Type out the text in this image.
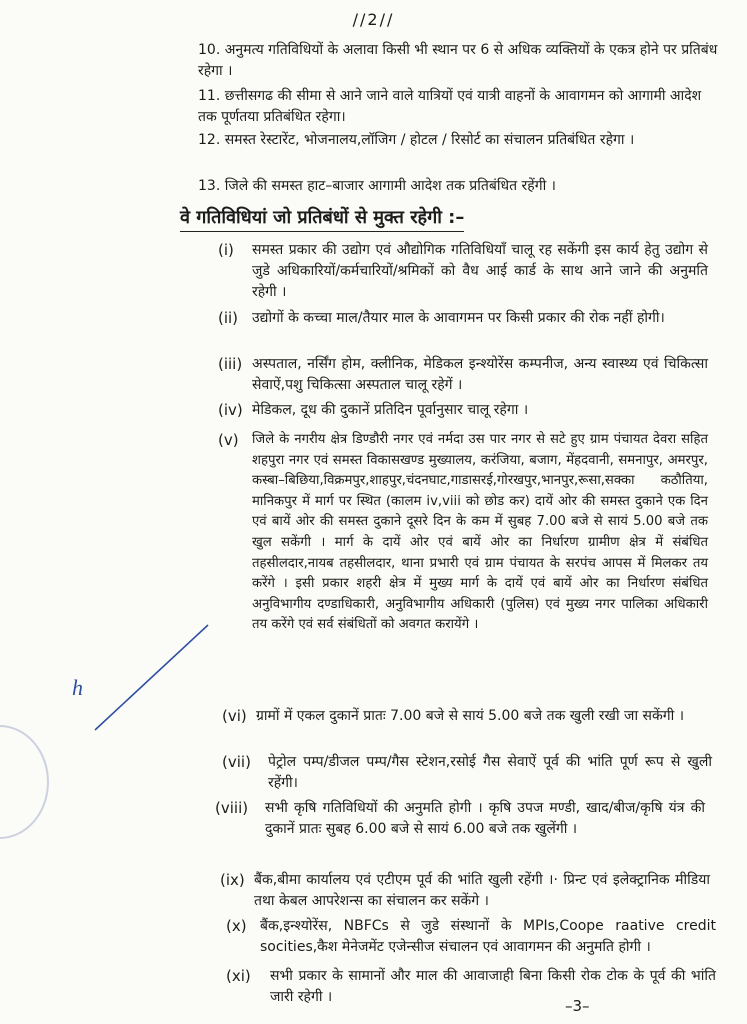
//2//
10. अनुमत्य गतिविधियों के अलावा किसी भी स्थान पर 6 से अधिक व्यक्तियों के एकत्र होने पर प्रतिबंध रहेगा ।
11. छत्तीसगढ की सीमा से आने जाने वाले यात्रियों एवं यात्री वाहनों के आवागमन को आगामी आदेश तक पूर्णतया प्रतिबंधित रहेगा।
12. समस्त रेस्टारेंट, भोजनालय,लॉजिग / होटल / रिसोर्ट का संचालन प्रतिबंधित रहेगा ।
13. जिले की समस्त हाट–बाजार आगामी आदेश तक प्रतिबंधित रहेंगी ।
वे गतिविधियां जो प्रतिबंधों से मुक्त रहेगी :–
(i)	समस्त प्रकार की उद्योग एवं औद्योगिक गतिविधियॉं चालू रह सकेंगी इस कार्य हेतु उद्योग से जुडे अधिकारियों/कर्मचारियों/श्रमिकों को वैध आई कार्ड के साथ आने जाने की अनुमति रहेगी ।
(ii) उद्योगों के कच्चा माल/तैयार माल के आवागमन पर किसी प्रकार की रोक नहीं होगी।
(iii) अस्पताल, नर्सिंग होम, क्लीनिक, मेडिकल इन्श्योरेंस कम्पनीज, अन्य स्वास्थ्य एवं चिकित्सा सेवाऐं,पशु चिकित्सा अस्पताल चालू रहेगें ।
(iv) मेडिकल, दूध की दुकानें प्रतिदिन पूर्वानुसार चालू रहेगा ।
(v)	जिले के नगरीय क्षेत्र डिण्डौरी नगर एवं नर्मदा उस पार नगर से सटे हुए ग्राम पंचायत देवरा सहित शहपुरा नगर एवं समस्त विकासखण्ड मुख्यालय, करंजिया, बजाग, मेंहदवानी, समनापुर, अमरपुर, कस्बा–बिछिया,विक्रमपुर,शाहपुर,चंदनघाट,गाडासरई,गोरखपुर,भानपुर,रूसा,सक्का कठौतिया, मानिकपुर में मार्ग पर स्थित (कालम iv,viii को छोड कर) दायें ओर की समस्त दुकाने एक दिन एवं बायें ओर की समस्त दुकाने दूसरे दिन के कम में सुबह 7.00 बजे से सायं 5.00 बजे तक खुल सकेंगी । मार्ग के दायें ओर एवं बायें ओर का निर्धारण ग्रामीण क्षेत्र में संबंधित तहसीलदार,नायब तहसीलदार, थाना प्रभारी एवं ग्राम पंचायत के सरपंच आपस में मिलकर तय करेंगे । इसी प्रकार शहरी क्षेत्र में मुख्य मार्ग के दायें एवं बायें ओर का निर्धारण संबंधित अनुविभागीय दण्डाधिकारी, अनुविभागीय अधिकारी (पुलिस) एवं मुख्य नगर पालिका अधिकारी तय करेंगे एवं सर्व संबंधितों को अवगत करायेंगे ।
(vi) ग्रामों में एकल दुकानें प्रातः 7.00 बजे से सायं 5.00 बजे तक खुली रखी जा सकेंगी ।
(vii)	पेट्रोल पम्प/डीजल पम्प/गैस स्टेशन,रसोई गैस सेवाऐं पूर्व की भांति पूर्ण रूप से खुली रहेंगी।
(viii)	सभी कृषि गतिविधियों की अनुमति होगी । कृषि उपज मण्डी, खाद/बीज/कृषि यंत्र की दुकानें प्रातः सुबह 6.00 बजे से सायं 6.00 बजे तक खुलेंगी ।
(ix) बैंक,बीमा कार्यालय एवं एटीएम पूर्व की भांति खुली रहेंगी ।· प्रिन्ट एवं इलेक्ट्रानिक मीडिया तथा केबल आपरेशन्स का संचालन कर सकेंगे ।
(x) बैंक,इन्श्योरेंस, NBFCs से जुडे संस्थानों के MPIs,Coope raative credit socities,कैश मेनेजमेंट एजेन्सीज संचालन एवं आवागमन की अनुमति होगी ।
(xi)	सभी प्रकार के सामानों और माल की आवाजाही बिना किसी रोक टोक के पूर्व की भांति जारी रहेगी ।	–3–
h
